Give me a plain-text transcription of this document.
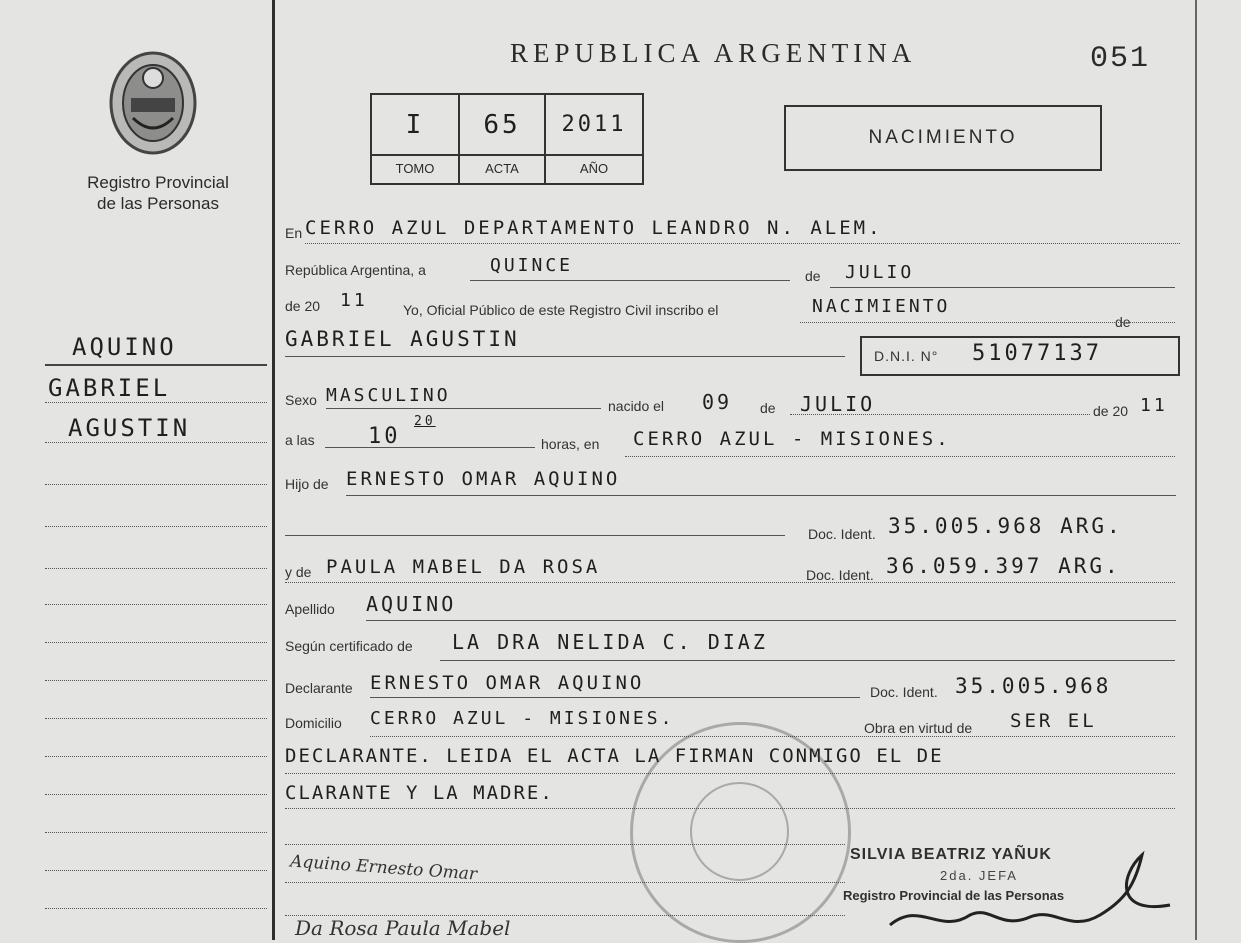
Registro Provincial
de las Personas
AQUINO
GABRIEL
AGUSTIN
REPUBLICA ARGENTINA	051
I	65	2011
TOMO	ACTA	AÑO
NACIMIENTO
En CERRO AZUL DEPARTAMENTO LEANDRO N. ALEM.
República Argentina, a	QUINCE	de JULIO
de 20 11	Yo, Oficial Público de este Registro Civil inscribo el	NACIMIENTO
de
GABRIEL AGUSTIN
D.N.I. N° 51077137
Sexo MASCULINO	nacido el 09 de JULIO	de 20 11
a las 10
20
horas, en CERRO AZUL - MISIONES.
Hijo de ERNESTO OMAR AQUINO
Doc. Ident. 35.005.968 ARG.
y de PAULA MABEL DA ROSA	Doc. Ident. 36.059.397 ARG.
Apellido AQUINO
Según certificado de LA DRA NELIDA C. DIAZ
Declarante ERNESTO OMAR AQUINO	Doc. Ident. 35.005.968
Domicilio CERRO AZUL - MISIONES.	Obra en virtud de SER EL
DECLARANTE. LEIDA EL ACTA LA FIRMAN CONMIGO EL DE
CLARANTE Y LA MADRE.
Aquino Ernesto Omar
Da Rosa Paula Mabel
SILVIA BEATRIZ YAÑUK
2da. JEFA
Registro Provincial de las Personas
